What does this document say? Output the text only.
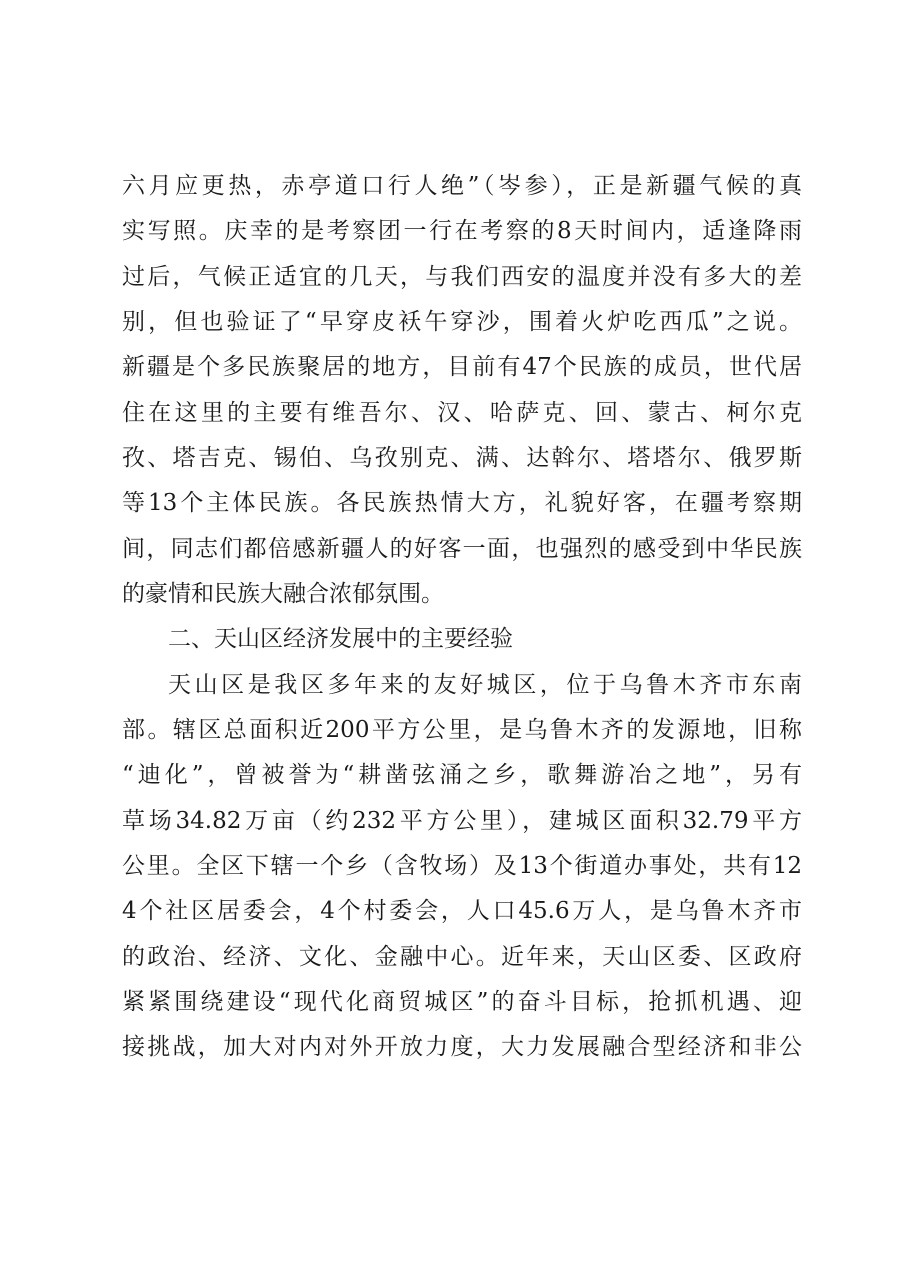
六月应更热，赤亭道口行人绝”（岑参），正是新疆气候的真
实写照。庆幸的是考察团一行在考察的8天时间内，适逢降雨
过后，气候正适宜的几天，与我们西安的温度并没有多大的差
别，但也验证了“早穿皮袄午穿沙，围着火炉吃西瓜”之说。
新疆是个多民族聚居的地方，目前有47个民族的成员，世代居
住在这里的主要有维吾尔、汉、哈萨克、回、蒙古、柯尔克
孜、塔吉克、锡伯、乌孜别克、满、达斡尔、塔塔尔、俄罗斯
等13个主体民族。各民族热情大方，礼貌好客，在疆考察期
间，同志们都倍感新疆人的好客一面，也强烈的感受到中华民族
的豪情和民族大融合浓郁氛围。
二、天山区经济发展中的主要经验
天山区是我区多年来的友好城区，位于乌鲁木齐市东南
部。辖区总面积近200平方公里，是乌鲁木齐的发源地，旧称
“迪化”，曾被誉为“耕凿弦涌之乡，歌舞游冶之地”，另有
草场34.82万亩（约232平方公里），建城区面积32.79平方
公里。全区下辖一个乡（含牧场）及13个街道办事处，共有12
4个社区居委会，4个村委会，人口45.6万人，是乌鲁木齐市
的政治、经济、文化、金融中心。近年来，天山区委、区政府
紧紧围绕建设“现代化商贸城区”的奋斗目标，抢抓机遇、迎
接挑战，加大对内对外开放力度，大力发展融合型经济和非公
